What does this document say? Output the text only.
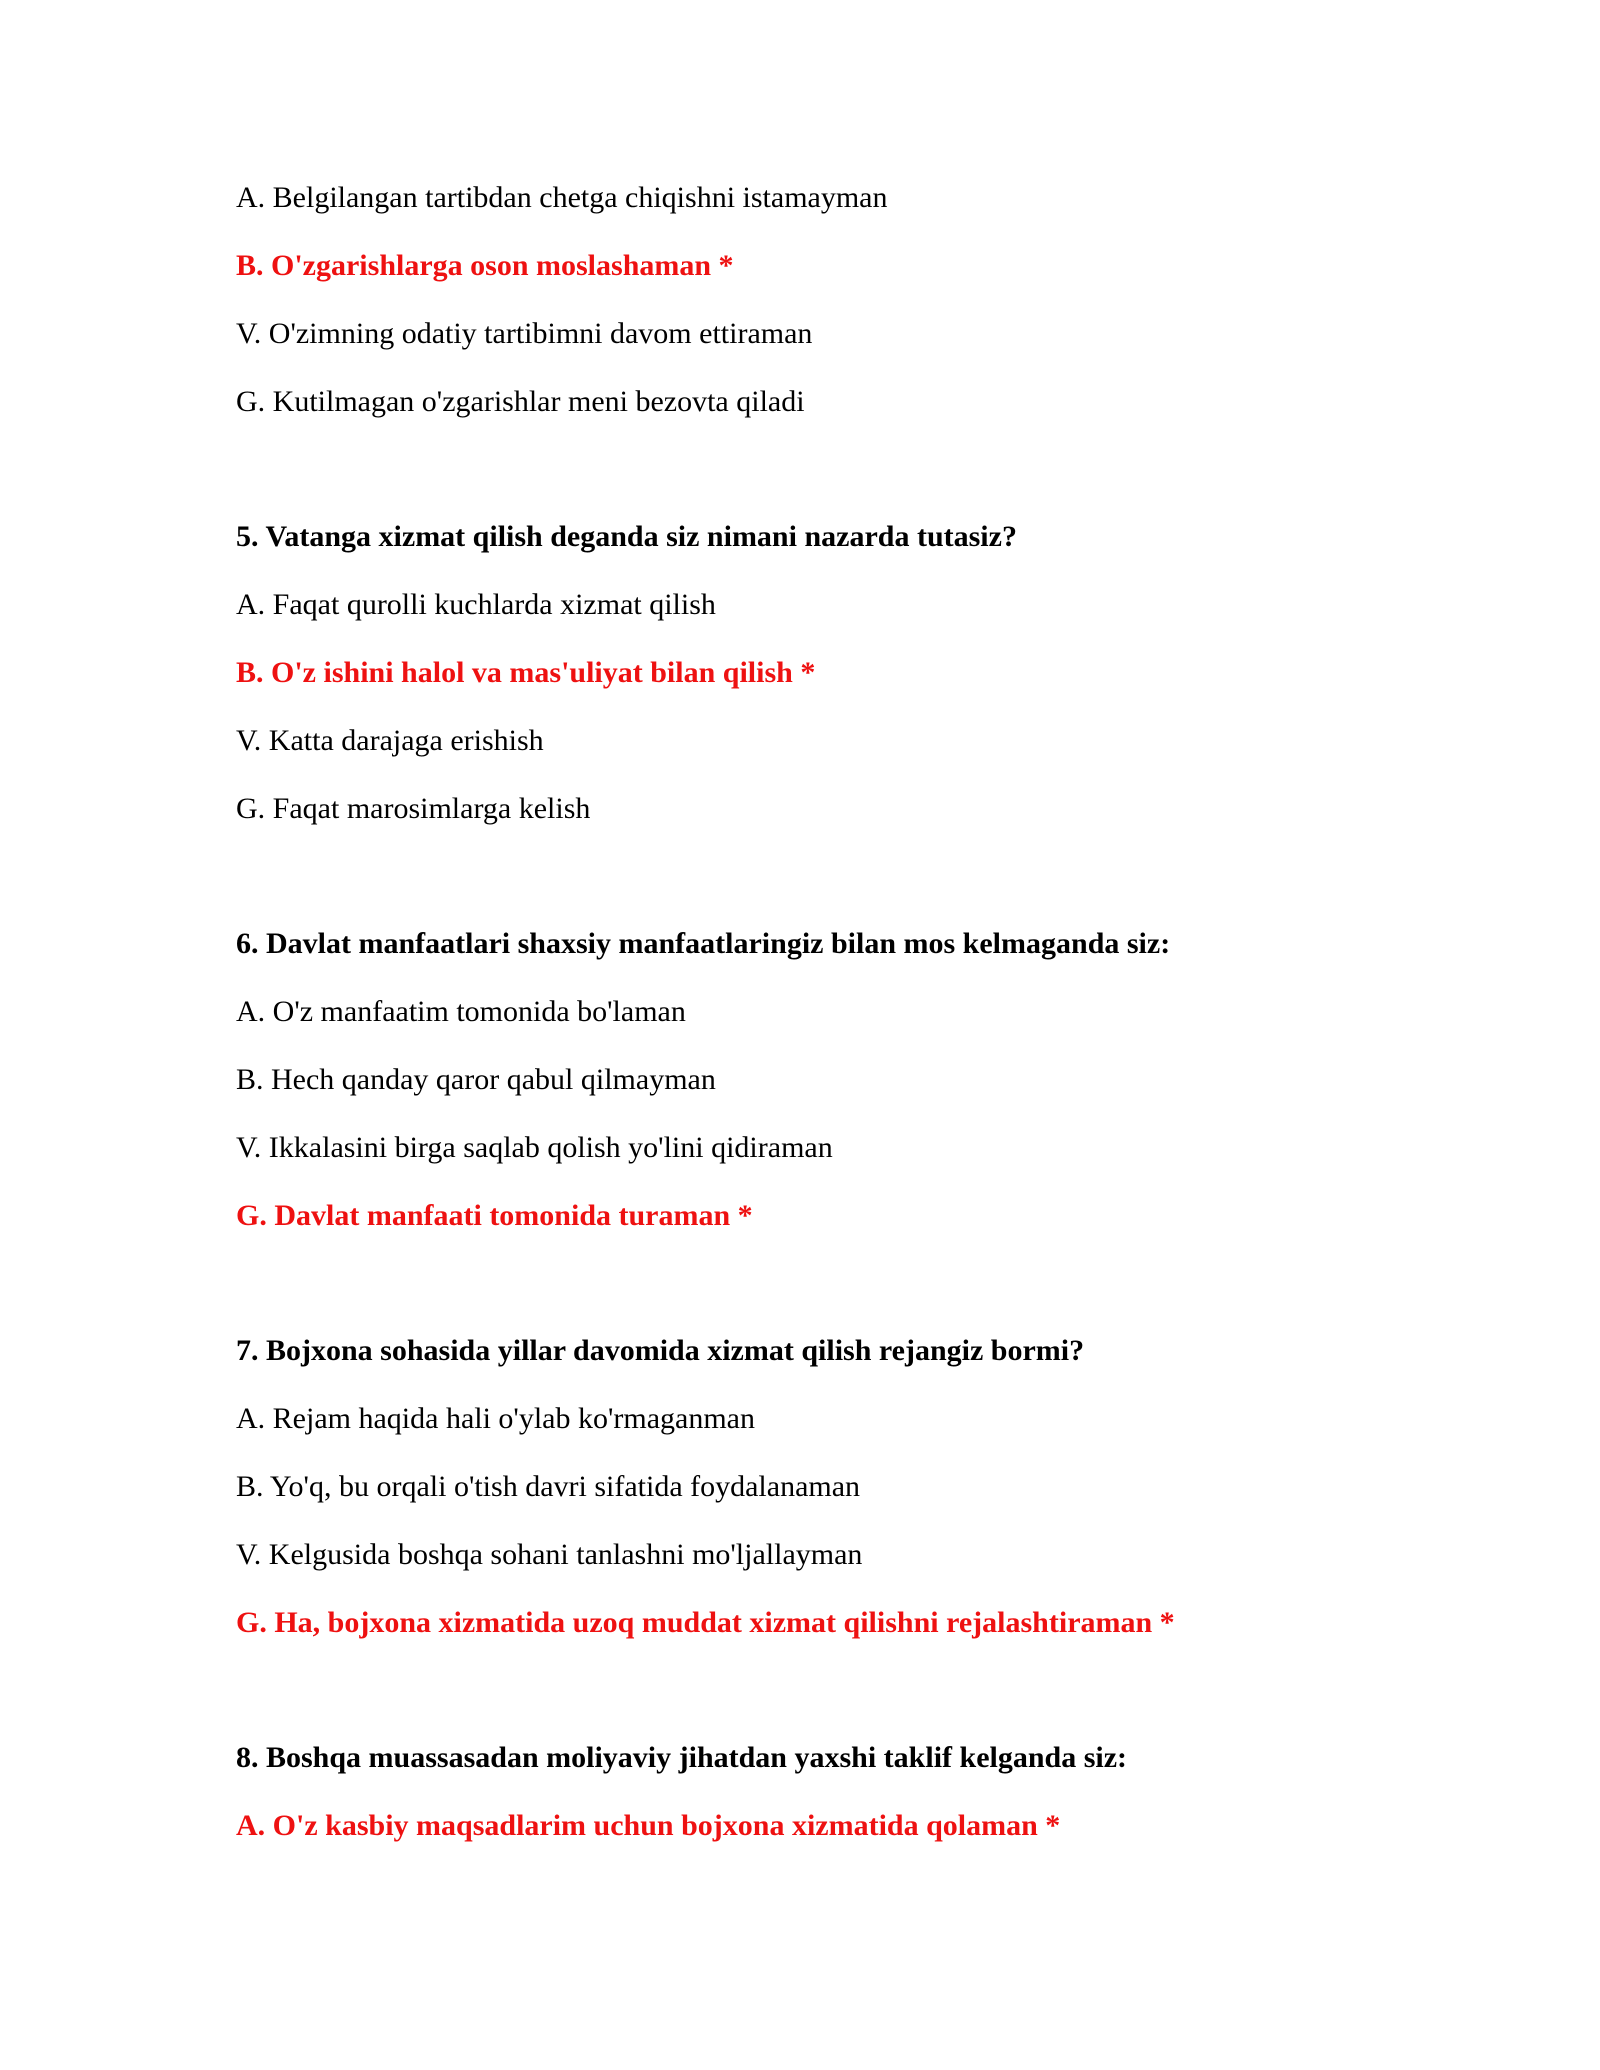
A. Belgilangan tartibdan chetga chiqishni istamayman
B. O'zgarishlarga oson moslashaman *
V. O'zimning odatiy tartibimni davom ettiraman
G. Kutilmagan o'zgarishlar meni bezovta qiladi
5. Vatanga xizmat qilish deganda siz nimani nazarda tutasiz?
A. Faqat qurolli kuchlarda xizmat qilish
B. O'z ishini halol va mas'uliyat bilan qilish *
V. Katta darajaga erishish
G. Faqat marosimlarga kelish
6. Davlat manfaatlari shaxsiy manfaatlaringiz bilan mos kelmaganda siz:
A. O'z manfaatim tomonida bo'laman
B. Hech qanday qaror qabul qilmayman
V. Ikkalasini birga saqlab qolish yo'lini qidiraman
G. Davlat manfaati tomonida turaman *
7. Bojxona sohasida yillar davomida xizmat qilish rejangiz bormi?
A. Rejam haqida hali o'ylab ko'rmaganman
B. Yo'q, bu orqali o'tish davri sifatida foydalanaman
V. Kelgusida boshqa sohani tanlashni mo'ljallayman
G. Ha, bojxona xizmatida uzoq muddat xizmat qilishni rejalashtiraman *
8. Boshqa muassasadan moliyaviy jihatdan yaxshi taklif kelganda siz:
A. O'z kasbiy maqsadlarim uchun bojxona xizmatida qolaman *
